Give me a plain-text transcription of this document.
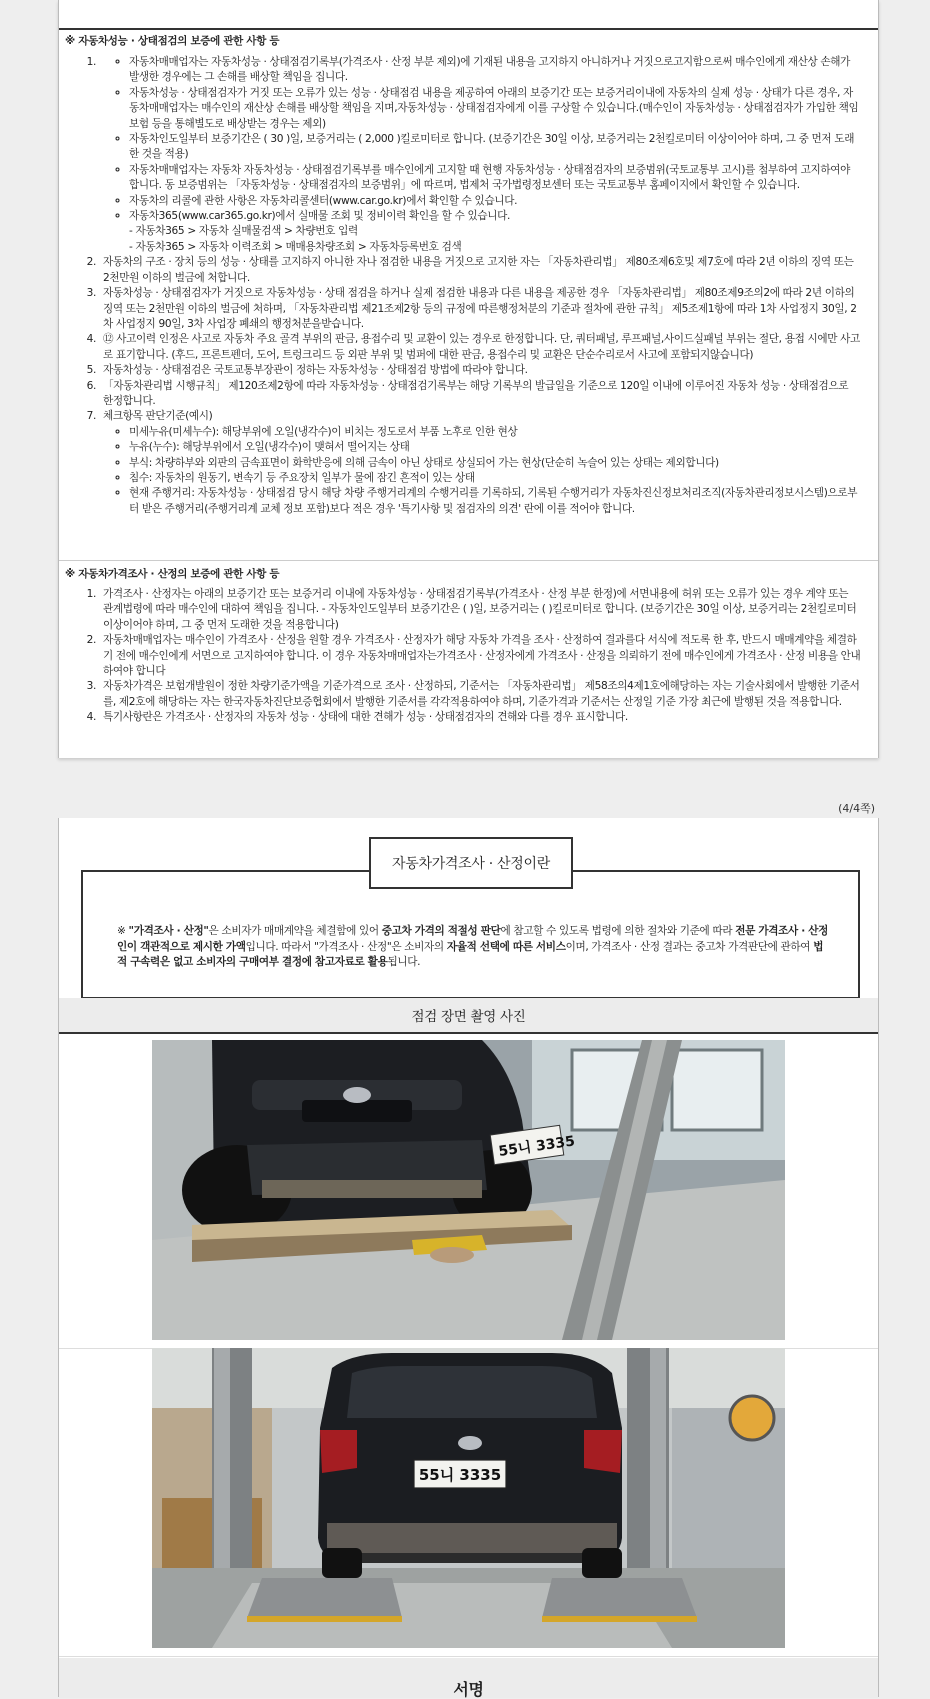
※ 자동차성능 · 상태점검의 보증에 관한 사항 등
◦ 1. 자동차매매업자는 자동차성능 · 상태점검기록부(가격조사 · 산정 부분 제외)에 기재된 내용을 고지하지 아니하거나 거짓으로고지함으로써 매수인에게 재산상 손해가 발생한 경우에는 그 손해를 배상할 책임을 집니다.
◦ 자동차성능 · 상태점검자가 거짓 또는 오류가 있는 성능 · 상태점검 내용을 제공하여 아래의 보증기간 또는 보증거리이내에 자동차의 실제 성능 · 상태가 다른 경우, 자동차매매업자는 매수인의 재산상 손해를 배상할 책임을 지며,자동차성능 · 상태점검자에게 이를 구상할 수 있습니다.(매수인이 자동차성능 · 상태점검자가 가입한 책임보험 등을 통해별도로 배상받는 경우는 제외)
◦ 자동차인도일부터 보증기간은 ( 30 )일, 보증거리는 ( 2,000 )킬로미터로 합니다. (보증기간은 30일 이상, 보증거리는 2천킬로미터 이상이어야 하며, 그 중 먼저 도래한 것을 적용)
◦ 자동차매매업자는 자동차 자동차성능 · 상태점검기록부를 매수인에게 고지할 때 현행 자동차성능 · 상태점검자의 보증범위(국토교통부 고시)를 첨부하여 고지하여야 합니다. 동 보증범위는 「자동차성능 · 상태점검자의 보증범위」에 따르며, 법제처 국가법령정보센터 또는 국토교통부 홈페이지에서 확인할 수 있습니다.
◦ 자동차의 리콜에 관한 사항은 자동차리콜센터(www.car.go.kr)에서 확인할 수 있습니다.
◦ 자동차365(www.car365.go.kr)에서 실매물 조회 및 정비이력 확인을 할 수 있습니다.
- 자동차365 > 자동차 실매물검색 > 차량번호 입력
- 자동차365 > 자동차 이력조회 > 매매용차량조회 > 자동차등록번호 검색
2. 자동차의 구조 · 장치 등의 성능 · 상태를 고지하지 아니한 자나 점검한 내용을 거짓으로 고지한 자는 「자동차관리법」 제80조제6호및 제7호에 따라 2년 이하의 징역 또는 2천만원 이하의 벌금에 처합니다.
3. 자동차성능 · 상태점검자가 거짓으로 자동차성능 · 상태 점검을 하거나 실제 점검한 내용과 다른 내용을 제공한 경우 「자동차관리법」 제80조제9조의2에 따라 2년 이하의 징역 또는 2천만원 이하의 벌금에 처하며, 「자동차관리법 제21조제2항 등의 규정에 따른행정처분의 기준과 절차에 관한 규칙」 제5조제1항에 따라 1차 사업정지 30일, 2차 사업정지 90일, 3차 사업장 폐쇄의 행정처분을받습니다.
4. ⑫ 사고이력 인정은 사고로 자동차 주요 골격 부위의 판금, 용접수리 및 교환이 있는 경우로 한정합니다. 단, 쿼터패널, 루프패널,사이드실패널 부위는 절단, 용접 시에만 사고로 표기합니다. (후드, 프론트펜더, 도어, 트렁크리드 등 외판 부위 및 범퍼에 대한 판금, 용접수리 및 교환은 단순수리로서 사고에 포함되지않습니다)
5. 자동차성능 · 상태점검은 국토교통부장관이 정하는 자동차성능 · 상태점검 방법에 따라야 합니다.
6. 「자동차관리법 시행규칙」 제120조제2항에 따라 자동차성능 · 상태점검기록부는 해당 기록부의 발급일을 기준으로 120일 이내에 이루어진 자동차 성능 · 상태점검으로 한정합니다.
7. 체크항목 판단기준(예시)
◦ 미세누유(미세누수): 해당부위에 오일(냉각수)이 비치는 정도로서 부품 노후로 인한 현상
◦ 누유(누수): 해당부위에서 오일(냉각수)이 맺혀서 떨어지는 상태
◦ 부식: 차량하부와 외판의 금속표면이 화학반응에 의해 금속이 아닌 상태로 상실되어 가는 현상(단순히 녹슬어 있는 상태는 제외합니다)
◦ 침수: 자동차의 원동기, 변속기 등 주요장치 일부가 물에 잠긴 흔적이 있는 상태
◦ 현재 주행거리: 자동차성능 · 상태점검 당시 해당 차량 주행거리계의 수행거리를 기록하되, 기록된 수행거리가 자동차진신정보처리조직(자동차관리정보시스템)으로부터 받은 주행거리(주행거리계 교체 정보 포함)보다 적은 경우 '특기사항 및 점검자의 의견' 란에 이를 적어야 합니다.
※ 자동차가격조사 · 산정의 보증에 관한 사항 등
1. 가격조사 · 산정자는 아래의 보증기간 또는 보증거리 이내에 자동차성능 · 상태점검기록부(가격조사 · 산정 부분 한정)에 서면내용에 허위 또는 오류가 있는 경우 계약 또는 관계법령에 따라 매수인에 대하여 책임을 집니다. - 자동차인도일부터 보증기간은 ( )일, 보증거리는 ( )킬로미터로 합니다. (보증기간은 30일 이상, 보증거리는 2천킬로미터 이상이어야 하며, 그 중 먼저 도래한 것을 적용합니다)
2. 자동차매매업자는 매수인이 가격조사 · 산정을 원할 경우 가격조사 · 산정자가 해당 자동차 가격을 조사 · 산정하여 결과를다 서식에 적도록 한 후, 반드시 매매계약을 체결하기 전에 매수인에게 서면으로 고지하여야 합니다. 이 경우 자동차매매업자는가격조사 · 산정자에게 가격조사 · 산정을 의뢰하기 전에 매수인에게 가격조사 · 산정 비용을 안내하여야 합니다
3. 자동차가격은 보험개발원이 정한 차량기준가액을 기준가격으로 조사 · 산정하되, 기준서는 「자동차관리법」 제58조의4제1호에해당하는 자는 기술사회에서 발행한 기준서를, 제2호에 해당하는 자는 한국자동차진단보증협회에서 발행한 기준서를 각각적용하여야 하며, 기준가격과 기준서는 산정일 기준 가장 최근에 발행된 것을 적용합니다.
4. 특기사항란은 가격조사 · 산정자의 자동차 성능 · 상태에 대한 견해가 성능 · 상태점검자의 견해와 다를 경우 표시합니다.
(4/4쪽)
자동차가격조사 · 산정이란
※ "가격조사 · 산정"은 소비자가 매매계약을 체결함에 있어 중고차 가격의 적절성 판단에 참고할 수 있도록 법령에 의한 절차와 기준에 따라 전문 가격조사 · 산정인이 객관적으로 제시한 가액입니다. 따라서 "가격조사 · 산정"은 소비자의 자율적 선택에 따른 서비스이며, 가격조사 · 산정 결과는 중고차 가격판단에 관하여 법적 구속력은 없고 소비자의 구매여부 결정에 참고자료로 활용됩니다.
점검 장면 촬영 사진
55니 3335
55니 3335
서명
